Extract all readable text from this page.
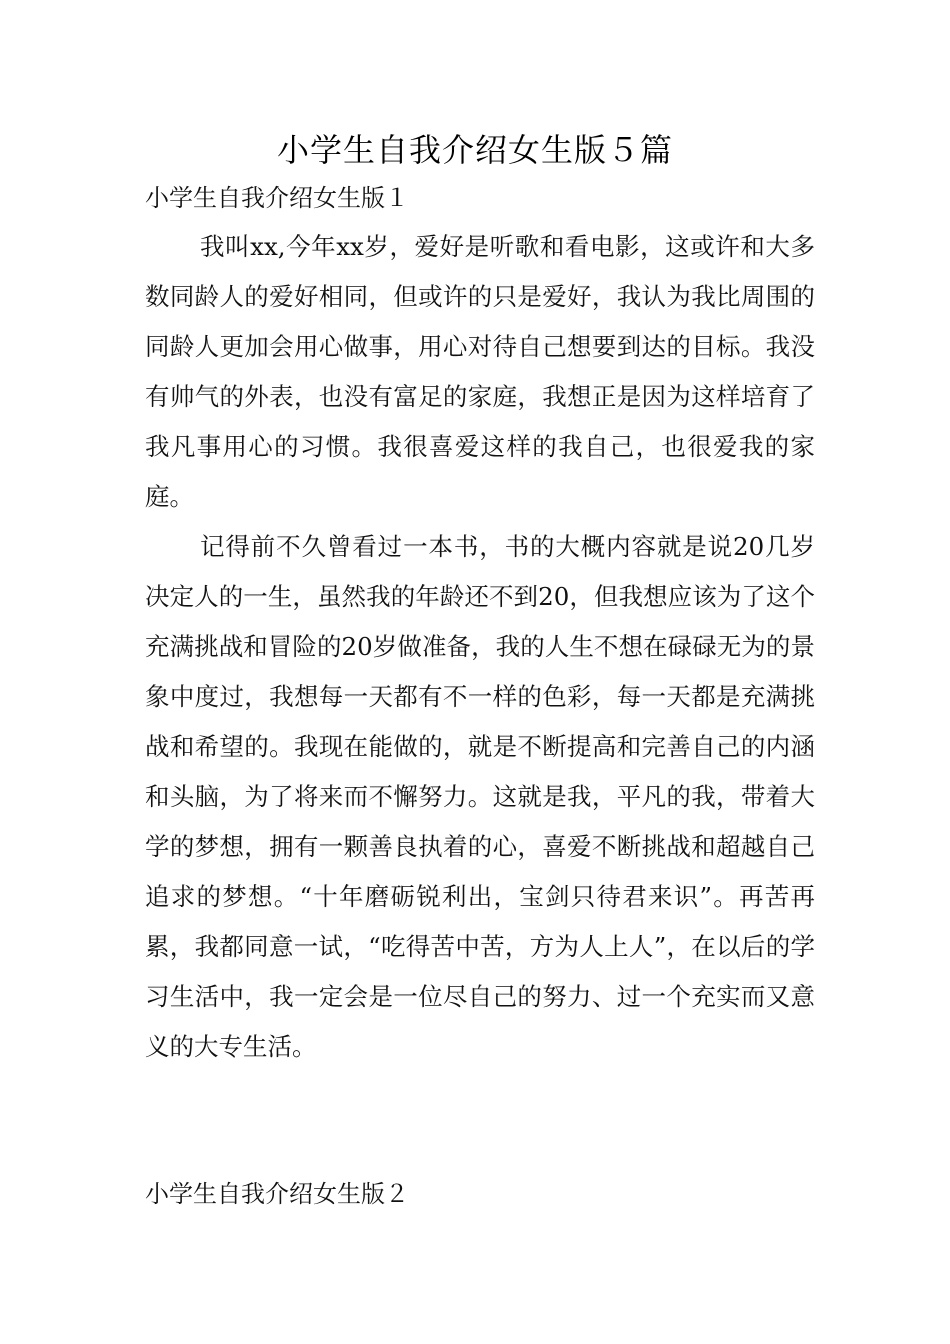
小学生自我介绍女生版５篇
小学生自我介绍女生版１

我叫xx,今年xx岁，爱好是听歌和看电影，这或许和大多数同龄人的爱好相同，但或许的只是爱好，我认为我比周围的同龄人更加会用心做事，用心对待自己想要到达的目标。我没有帅气的外表，也没有富足的家庭，我想正是因为这样培育了我凡事用心的习惯。我很喜爱这样的我自己，也很爱我的家庭。

记得前不久曾看过一本书，书的大概内容就是说20几岁决定人的一生，虽然我的年龄还不到20，但我想应该为了这个充满挑战和冒险的20岁做准备，我的人生不想在碌碌无为的景象中度过，我想每一天都有不一样的色彩，每一天都是充满挑战和希望的。我现在能做的，就是不断提高和完善自己的内涵和头脑，为了将来而不懈努力。这就是我，平凡的我，带着大学的梦想，拥有一颗善良执着的心，喜爱不断挑战和超越自己追求的梦想。“十年磨砺锐利出，宝剑只待君来识”。再苦再累，我都同意一试，“吃得苦中苦，方为人上人”，在以后的学习生活中，我一定会是一位尽自己的努力、过一个充实而又意义的大专生活。

小学生自我介绍女生版２
